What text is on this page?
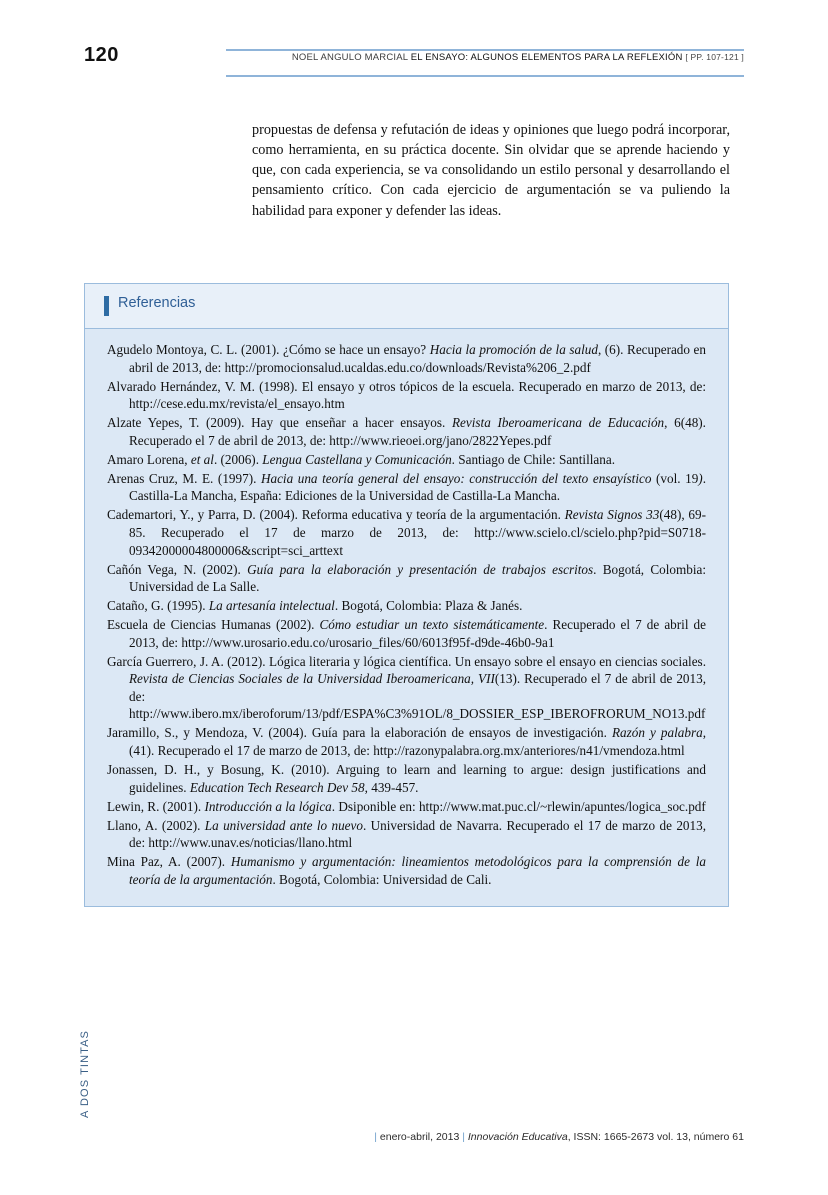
120	NOEL ANGULO MARCIAL EL ENSAYO: ALGUNOS ELEMENTOS PARA LA REFLEXIÓN [ PP. 107-121 ]
propuestas de defensa y refutación de ideas y opiniones que luego podrá incorporar, como herramienta, en su práctica docente. Sin olvidar que se aprende haciendo y que, con cada experiencia, se va consolidando un estilo personal y desarrollando el pensamiento crítico. Con cada ejercicio de argumentación se va puliendo la habilidad para exponer y defender las ideas.
Referencias
Agudelo Montoya, C. L. (2001). ¿Cómo se hace un ensayo? Hacia la promoción de la salud, (6). Recuperado en abril de 2013, de: http://promocionsalud.ucaldas.edu.co/downloads/Revista%206_2.pdf
Alvarado Hernández, V. M. (1998). El ensayo y otros tópicos de la escuela. Recuperado en marzo de 2013, de: http://cese.edu.mx/revista/el_ensayo.htm
Alzate Yepes, T. (2009). Hay que enseñar a hacer ensayos. Revista Iberoamericana de Educación, 6(48). Recuperado el 7 de abril de 2013, de: http://www.rieoei.org/jano/2822Yepes.pdf
Amaro Lorena, et al. (2006). Lengua Castellana y Comunicación. Santiago de Chile: Santillana.
Arenas Cruz, M. E. (1997). Hacia una teoría general del ensayo: construcción del texto ensayístico (vol. 19). Castilla-La Mancha, España: Ediciones de la Universidad de Castilla-La Mancha.
Cademartori, Y., y Parra, D. (2004). Reforma educativa y teoría de la argumentación. Revista Signos 33(48), 69-85. Recuperado el 17 de marzo de 2013, de: http://www.scielo.cl/scielo.php?pid=S0718-09342000004800006&script=sci_arttext
Cañón Vega, N. (2002). Guía para la elaboración y presentación de trabajos escritos. Bogotá, Colombia: Universidad de La Salle.
Cataño, G. (1995). La artesanía intelectual. Bogotá, Colombia: Plaza & Janés.
Escuela de Ciencias Humanas (2002). Cómo estudiar un texto sistemáticamente. Recuperado el 7 de abril de 2013, de: http://www.urosario.edu.co/urosario_files/60/6013f95f-d9de-46b0-9a1
García Guerrero, J. A. (2012). Lógica literaria y lógica científica. Un ensayo sobre el ensayo en ciencias sociales. Revista de Ciencias Sociales de la Universidad Iberoamericana, VII(13). Recuperado el 7 de abril de 2013, de: http://www.ibero.mx/iberoforum/13/pdf/ESPA%C3%91OL/8_DOSSIER_ESP_IBEROFRORUM_NO13.pdf
Jaramillo, S., y Mendoza, V. (2004). Guía para la elaboración de ensayos de investigación. Razón y palabra, (41). Recuperado el 17 de marzo de 2013, de: http://razonypalabra.org.mx/anteriores/n41/vmendoza.html
Jonassen, D. H., y Bosung, K. (2010). Arguing to learn and learning to argue: design justifications and guidelines. Education Tech Research Dev 58, 439-457.
Lewin, R. (2001). Introducción a la lógica. Dsiponible en: http://www.mat.puc.cl/~rlewin/apuntes/logica_soc.pdf
Llano, A. (2002). La universidad ante lo nuevo. Universidad de Navarra. Recuperado el 17 de marzo de 2013, de: http://www.unav.es/noticias/llano.html
Mina Paz, A. (2007). Humanismo y argumentación: lineamientos metodológicos para la comprensión de la teoría de la argumentación. Bogotá, Colombia: Universidad de Cali.
A DOS TINTAS
| enero-abril, 2013 | Innovación Educativa, ISSN: 1665-2673 vol. 13, número 61
